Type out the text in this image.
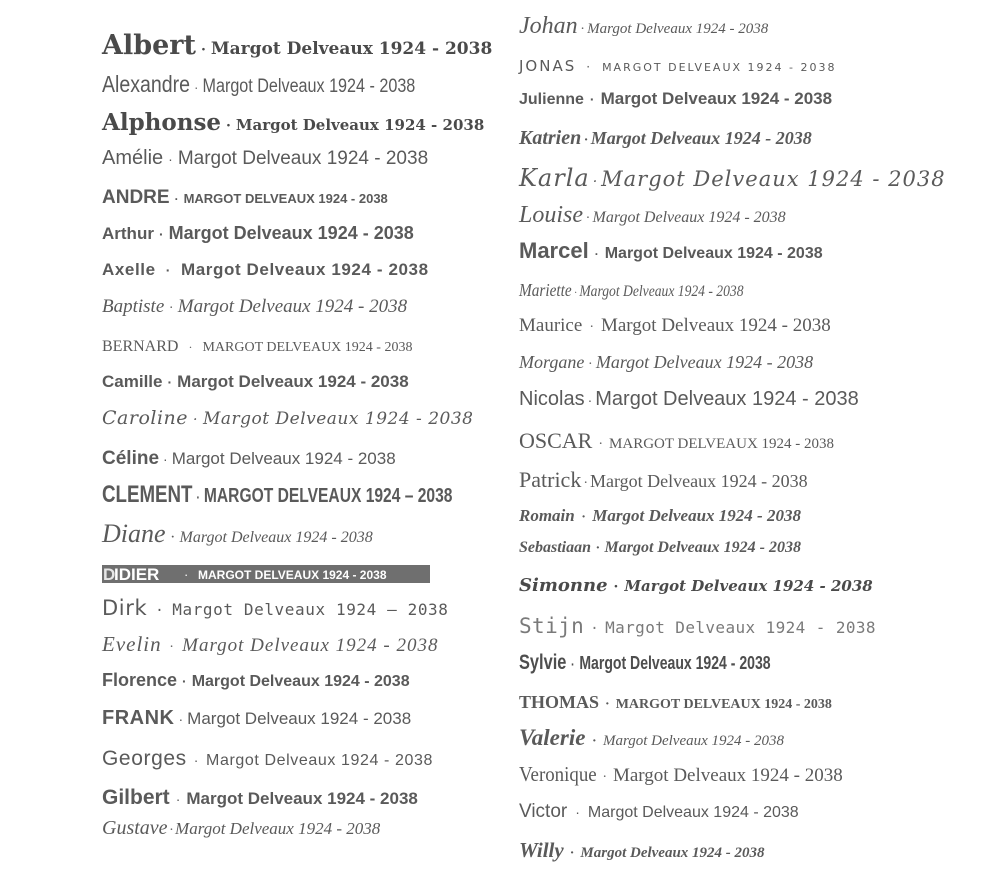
Albert · Margot Delveaux 1924 - 2038
Alexandre · Margot Delveaux 1924 - 2038
Alphonse · Margot Delveaux 1924 - 2038
Amélie · Margot Delveaux 1924 - 2038
ANDRE · MARGOT DELVEAUX 1924 - 2038
Arthur · Margot Delveaux 1924 - 2038
Axelle · Margot Delveaux 1924 - 2038
Baptiste · Margot Delveaux 1924 - 2038
BERNARD · MARGOT DELVEAUX 1924 - 2038
Camille · Margot Delveaux 1924 - 2038
Caroline · Margot Delveaux 1924 - 2038
Céline · Margot Delveaux 1924 - 2038
CLEMENT · MARGOT DELVEAUX 1924 – 2038
Diane · Margot Delveaux 1924 - 2038
Dirk · Margot Delveaux 1924 – 2038
Evelin · Margot Delveaux 1924 - 2038
Florence · Margot Delveaux 1924 - 2038
FRANK · Margot Delveaux 1924 - 2038
Georges · Margot Delveaux 1924 - 2038
Gilbert · Margot Delveaux 1924 - 2038
Gustave · Margot Delveaux 1924 - 2038
D
IDIER · MARGOT DELVEAUX 1924 - 2038
Johan · Margot Delveaux 1924 - 2038
JONAS · MARGOT DELVEAUX 1924 - 2038
Julienne · Margot Delveaux 1924 - 2038
Katrien · Margot Delveaux 1924 - 2038
Karla · Margot Delveaux 1924 - 2038
Louise · Margot Delveaux 1924 - 2038
Marcel · Margot Delveaux 1924 - 2038
Mariette · Margot Delveaux 1924 - 2038
Maurice · Margot Delveaux 1924 - 2038
Morgane · Margot Delveaux 1924 - 2038
Nicolas · Margot Delveaux 1924 - 2038
OSCAR · MARGOT DELVEAUX 1924 - 2038
Patrick · Margot Delveaux 1924 - 2038
Romain · Margot Delveaux 1924 - 2038
Sebastiaan · Margot Delveaux 1924 - 2038
Simonne · Margot Delveaux 1924 - 2038
Stijn · Margot Delveaux 1924 - 2038
Sylvie · Margot Delveaux 1924 - 2038
THOMAS · MARGOT DELVEAUX 1924 - 2038
Valerie · Margot Delveaux 1924 - 2038
Veronique · Margot Delveaux 1924 - 2038
Victor · Margot Delveaux 1924 - 2038
Willy · Margot Delveaux 1924 - 2038
